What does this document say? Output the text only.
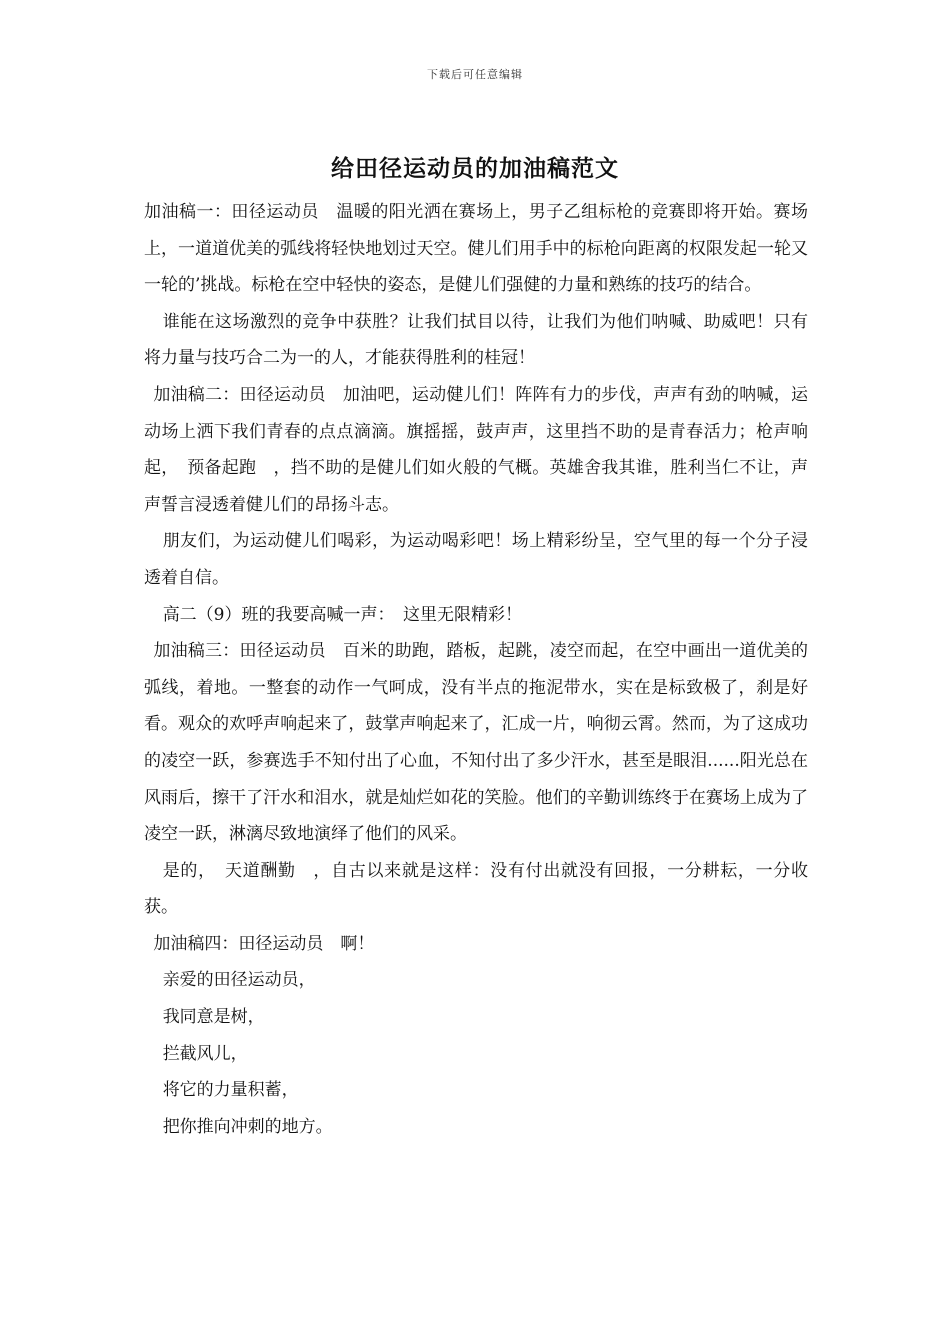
下载后可任意编辑
给田径运动员的加油稿范文

加油稿一：田径运动员　温暖的阳光洒在赛场上，男子乙组标枪的竞赛即将开始。赛场上，一道道优美的弧线将轻快地划过天空。健儿们用手中的标枪向距离的权限发起一轮又一轮的’挑战。标枪在空中轻快的姿态，是健儿们强健的力量和熟练的技巧的结合。

谁能在这场激烈的竞争中获胜？让我们拭目以待，让我们为他们呐喊、助威吧！只有将力量与技巧合二为一的人，才能获得胜利的桂冠！

加油稿二：田径运动员　加油吧，运动健儿们！阵阵有力的步伐，声声有劲的呐喊，运动场上洒下我们青春的点点滴滴。旗摇摇，鼓声声，这里挡不助的是青春活力；枪声响起，　预备起跑　，挡不助的是健儿们如火般的气概。英雄舍我其谁，胜利当仁不让，声声誓言浸透着健儿们的昂扬斗志。

朋友们，为运动健儿们喝彩，为运动喝彩吧！场上精彩纷呈，空气里的每一个分子浸透着自信。

高二（9）班的我要高喊一声：　这里无限精彩！

加油稿三：田径运动员　百米的助跑，踏板，起跳，凌空而起，在空中画出一道优美的弧线，着地。一整套的动作一气呵成，没有半点的拖泥带水，实在是标致极了，刹是好看。观众的欢呼声响起来了，鼓掌声响起来了，汇成一片，响彻云霄。然而，为了这成功的凌空一跃，参赛选手不知付出了心血，不知付出了多少汗水，甚至是眼泪......阳光总在风雨后，擦干了汗水和泪水，就是灿烂如花的笑脸。他们的辛勤训练终于在赛场上成为了凌空一跃，淋漓尽致地演绎了他们的风采。

是的，　天道酬勤　，自古以来就是这样：没有付出就没有回报，一分耕耘，一分收获。

加油稿四：田径运动员　啊！

亲爱的田径运动员，

我同意是树，

拦截风儿，

将它的力量积蓄，

把你推向冲刺的地方。
